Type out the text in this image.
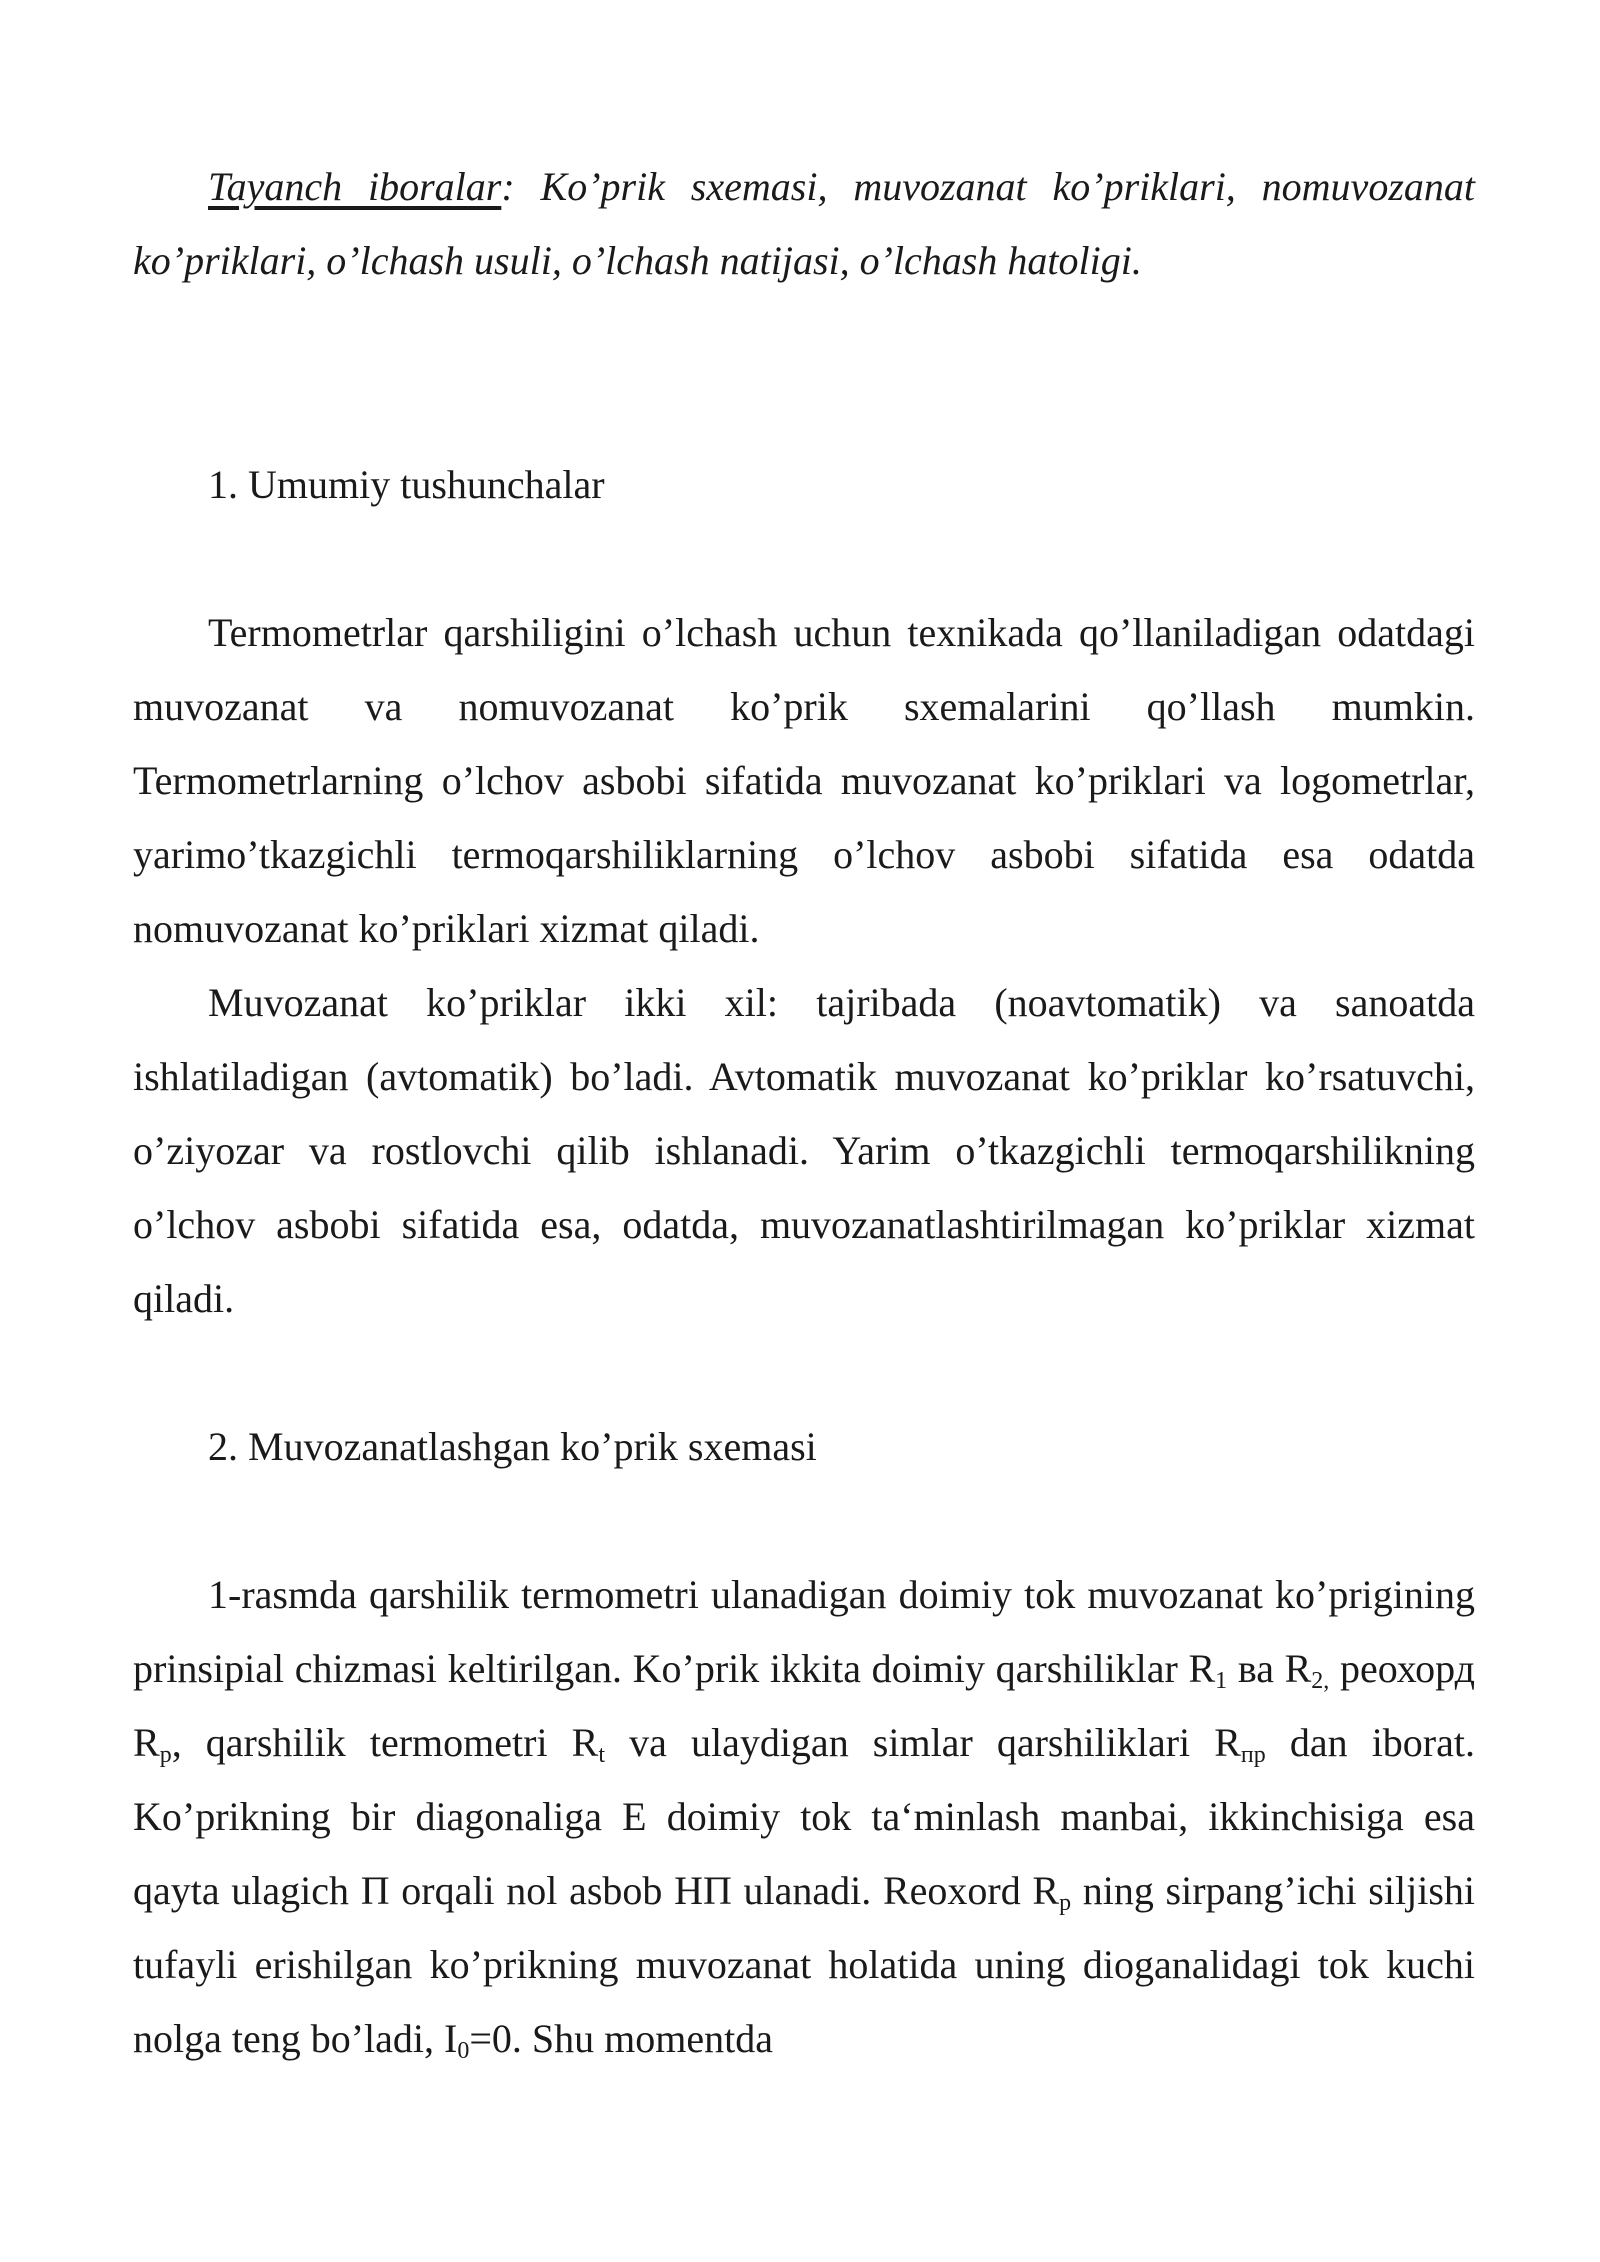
Tayanch iboralar: Ko’prik sxemasi, muvozanat ko’priklari, nomuvozanat ko’priklari, o’lchash usuli, o’lchash natijasi, o’lchash hatoligi.

1. Umumiy tushunchalar

Termometrlar qarshiligini o’lchash uchun texnikada qo’llaniladigan odatdagi muvozanat va nomuvozanat ko’prik sxemalarini qo’llash mumkin. Termometrlarning o’lchov asbobi sifatida muvozanat ko’priklari va logometrlar, yarimo’tkazgichli termoqarshiliklarning o’lchov asbobi sifatida esa odatda nomuvozanat ko’priklari xizmat qiladi.

Muvozanat ko’priklar ikki xil: tajribada (noavtomatik) va sanoatda ishlatiladigan (avtomatik) bo’ladi. Avtomatik muvozanat ko’priklar ko’rsatuvchi, o’ziyozar va rostlovchi qilib ishlanadi. Yarim o’tkazgichli termoqarshilikning o’lchov asbobi sifatida esa, odatda, muvozanatlashtirilmagan ko’priklar xizmat qiladi.

2. Muvozanatlashgan ko’prik sxemasi

1-rasmda qarshilik termometri ulanadigan doimiy tok muvozanat ko’prigining prinsipial chizmasi keltirilgan. Ko’prik ikkita doimiy qarshiliklar $R_1$ ва $R_{2,}$ реохорд $R_p$, qarshilik termometri $R_t$ va ulaydigan simlar qarshiliklari $R_{пр}$ dan iborat. Ko’prikning bir diagonaliga E doimiy tok ta‘minlash manbai, ikkinchisiga esa qayta ulagich П orqali nol asbob НП ulanadi. Reoxord $R_p$ ning sirpang’ichi siljishi tufayli erishilgan ko’prikning muvozanat holatida uning dioganalidagi tok kuchi nolga teng bo’ladi, $I_0=0$. Shu momentda
